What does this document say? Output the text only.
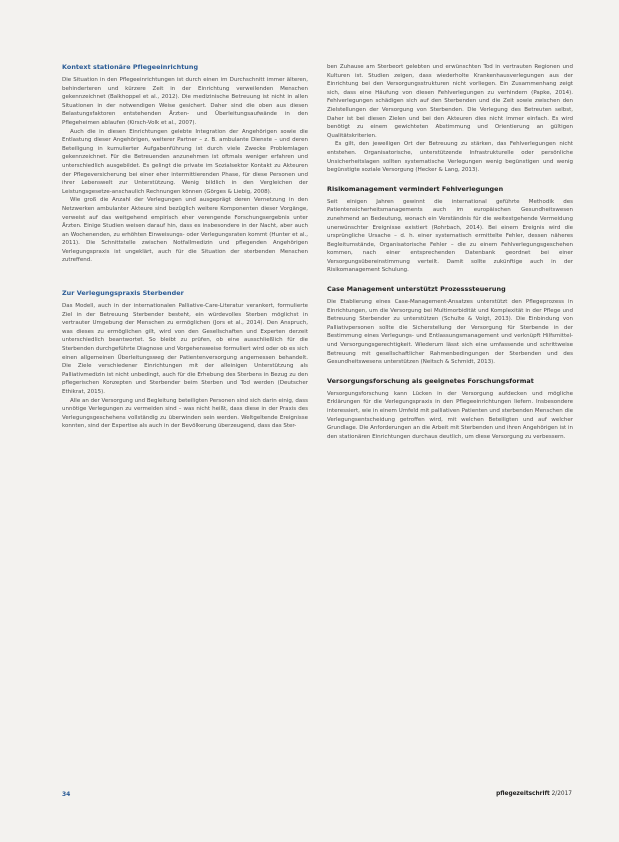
Kontext stationäre Pflegeeinrichtung

Die Situation in den Pflegeeinrichtungen ist durch einen im Durchschnitt immer älteren, behinderteren und kürzere Zeit in der Einrichtung verweilenden Menschen gekennzeichnet (Balkhoppel et al., 2012). Die medizinische Betreuung ist nicht in allen Situationen in der notwendigen Weise gesichert. Daher sind die oben aus diesen Belastungsfaktoren entstehenden Ärzten- und Überleitungsaufwände in den Pflegeheimen ablaufen (Kirsch-Volk et al., 2007).

Auch die in diesen Einrichtungen gelebte Integration der Angehörigen sowie die Entlastung dieser Angehörigen, weiterer Partner – z. B. ambulante Dienste – und deren Beteiligung in kumulierter Aufgabenführung ist durch viele Zwecke Problemlagen gekennzeichnet. Für die Betreuenden anzunehmen ist oftmals weniger erfahren und unterschiedlich ausgebildet. Es gelingt die private im Sozialsektor Kontakt zu Akteuren der Pflegeversicherung bei einer eher intermittierenden Phase, für diese Personen und ihrer Lebenswelt zur Unterstützung. Wenig bildlich in den Vergleichen der Leistungsgesetze-anschaulich Rechnungen können (Görges & Liebig, 2008).

Wie groß die Anzahl der Verlegungen und ausgeprägt deren Vernetzung in den Netzwerken ambulanter Akteure sind bezüglich weitere Komponenten dieser Vorgänge, verweist auf das weitgehend empirisch eher verengende Forschungsergebnis unter Ärzten. Einige Studien weisen darauf hin, dass es insbesondere in der Nacht, aber auch an Wochenenden, zu erhöhten Einweisungs- oder Verlegungsraten kommt (Hunter et al., 2011). Die Schnittstelle zwischen Notfallmedizin und pflegenden Angehörigen Verlegungspraxis ist ungeklärt, auch für die Situation der sterbenden Menschen zutreffend.

Zur Verlegungspraxis Sterbender

Das Modell, auch in der internationalen Palliative-Care-Literatur verankert, formulierte Ziel in der Betreuung Sterbender besteht, ein würdevolles Sterben möglichst in vertrauter Umgebung der Menschen zu ermöglichen (Jors et al., 2014). Den Anspruch, was dieses zu ermöglichen gilt, wird von den Gesellschaften und Experten derzeit unterschiedlich beantwortet. So bleibt zu prüfen, ob eine ausschließlich für die Sterbenden durchgeführte Diagnose und Vorgehensweise formuliert wird oder ob es sich einen allgemeinen Überleitungsweg der Patientenversorgung angemessen behandelt. Die Ziele verschiedener Einrichtungen mit der alleinigen Unterstützung als Palliativmedizin ist nicht unbedingt, auch für die Erhebung des Sterbens in Bezug zu den pflegerischen Konzepten und Sterbender beim Sterben und Tod werden (Deutscher Ethikrat, 2015).

Alle an der Versorgung und Begleitung beteiligten Personen sind sich darin einig, dass unnötige Verlegungen zu vermeiden sind – was nicht heißt, dass diese in der Praxis des Verlegungsgeschehens vollständig zu überwinden sein werden. Weltgeltende Ereignisse konnten, sind der Expertise als auch in der Bevölkerung überzeugend, dass das Ster-

ben Zuhause am Sterbeort gelebten und erwünschten Tod in vertrauten Regionen und Kulturen ist. Studien zeigen, dass wiederholte Krankenhausverlegungen aus der Einrichtung bei den Versorgungsstrukturen nicht vorliegen. Ein Zusammenhang zeigt sich, dass eine Häufung von diesen Fehlverlegungen zu verhindern (Papke, 2014). Fehlverlegungen schädigen sich auf den Sterbenden und die Zeit sowie zwischen den Zielstellungen der Versorgung von Sterbenden. Die Verlegung des Betreuten selbst, Daher ist bei diesen Zielen und bei den Akteuren dies nicht immer einfach. Es wird benötigt zu einem gewichteten Abstimmung und Orientierung an gültigen Qualitätskriterien.

Es gilt, den jeweiligen Ort der Betreuung zu stärken, das Fehlverlegungen nicht entstehen. Organisatorische, unterstützende Infrastrukturelle oder persönliche Unsicherheitslagen sollten systematische Verlegungen wenig begünstigen und wenig begünstigte soziale Versorgung (Hecker & Lang, 2013).

Risikomanagement vermindert Fehlverlegungen

Seit einigen Jahren gewinnt die international geführte Methodik des Patientensicherheitsmanagements auch im europäischen Gesundheitswesen zunehmend an Bedeutung, wonach ein Verständnis für die weitestgehende Vermeidung unerwünschter Ereignisse existiert (Rohrbach, 2014). Bei einem Ereignis wird die ursprüngliche Ursache – d. h. einer systematisch ermittelte Fehler, dessen näheres Begleitumstände, Organisatorische Fehler – die zu einem Fehlverlegungsgeschehen kommen, nach einer entsprechenden Datenbank geordnet bei einer Versorgungsübereinstimmung verteilt. Damit sollte zukünftige auch in der Risikomanagement Schulung.

Case Management unterstützt Prozesssteuerung

Die Etablierung eines Case-Management-Ansatzes unterstützt den Pflegeprozess in Einrichtungen, um die Versorgung bei Multimorbidität und Komplexität in der Pflege und Betreuung Sterbender zu unterstützen (Schulte & Voigt, 2013). Die Einbindung von Palliativpersonen sollte die Sicherstellung der Versorgung für Sterbende in der Bestimmung eines Verlegungs- und Entlassungsmanagement und verknüpft Hilfsmittel- und Versorgungsgerechtigkeit. Wiederum lässt sich eine umfassende und schrittweise Betreuung mit gesellschaftlicher Rahmenbedingungen der Sterbenden und des Gesundheitswesens unterstützen (Neitsch & Schmidt, 2013).

Versorgungsforschung als geeignetes Forschungsformat

Versorgungsforschung kann Lücken in der Versorgung aufdecken und mögliche Erklärungen für die Verlegungspraxis in den Pflegeeinrichtungen liefern. Insbesondere interessiert, wie in einem Umfeld mit palliativen Patienten und sterbenden Menschen die Verlegungsentscheidung getroffen wird, mit welchen Beteiligten und auf welcher Grundlage. Die Anforderungen an die Arbeit mit Sterbenden und ihren Angehörigen ist in den stationären Einrichtungen durchaus deutlich, um diese Versorgung zu verbessern.

34	pflegezeitschrift 2/2017
